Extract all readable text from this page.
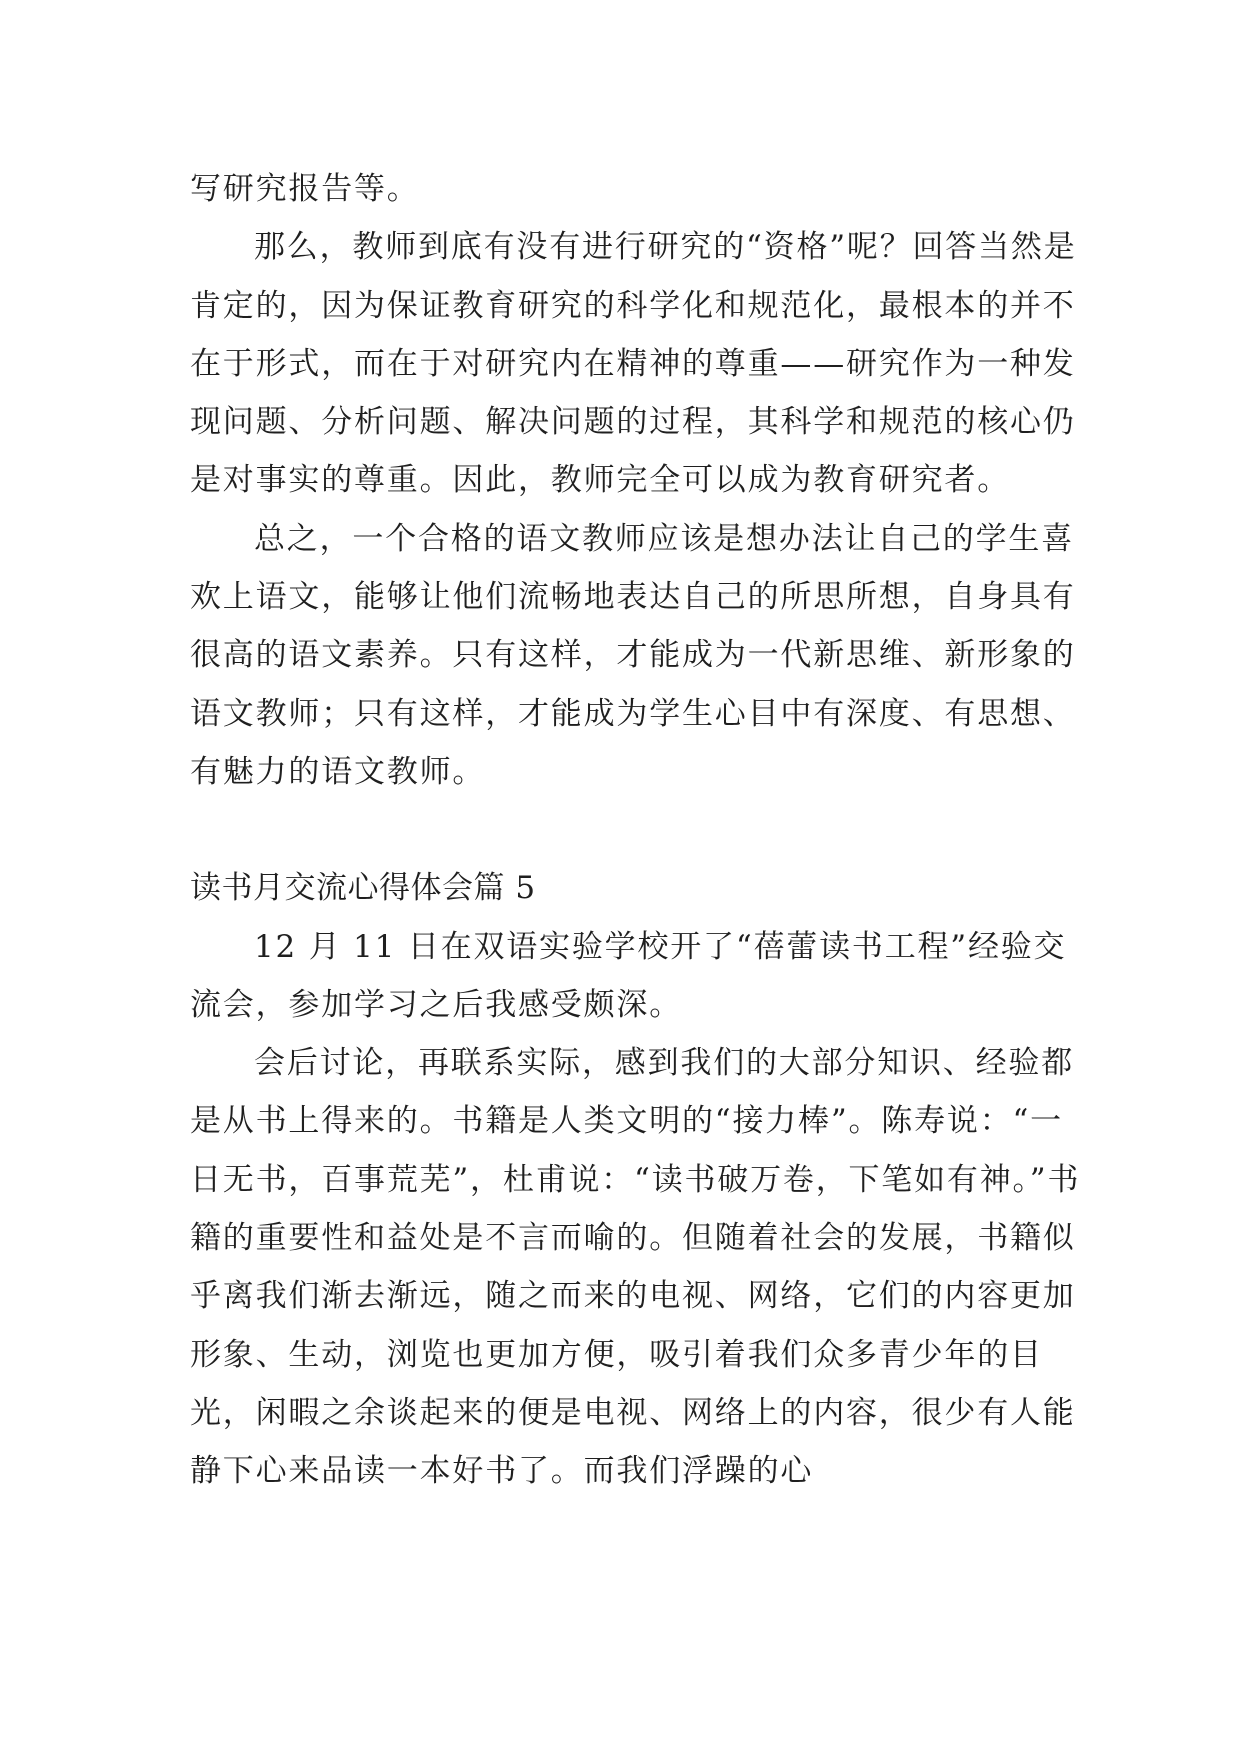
写研究报告等。

那么，教师到底有没有进行研究的“资格”呢？回答当然是肯定的，因为保证教育研究的科学化和规范化，最根本的并不在于形式，而在于对研究内在精神的尊重——研究作为一种发现问题、分析问题、解决问题的过程，其科学和规范的核心仍是对事实的尊重。因此，教师完全可以成为教育研究者。

总之，一个合格的语文教师应该是想办法让自己的学生喜欢上语文，能够让他们流畅地表达自己的所思所想，自身具有很高的语文素养。只有这样，才能成为一代新思维、新形象的语文教师；只有这样，才能成为学生心目中有深度、有思想、有魅力的语文教师。

读书月交流心得体会篇 5

12 月 11 日在双语实验学校开了“蓓蕾读书工程”经验交流会，参加学习之后我感受颇深。

会后讨论，再联系实际，感到我们的大部分知识、经验都是从书上得来的。书籍是人类文明的“接力棒”。陈寿说：“一日无书，百事荒芜”，杜甫说：“读书破万卷，下笔如有神。”书籍的重要性和益处是不言而喻的。但随着社会的发展，书籍似乎离我们渐去渐远，随之而来的电视、网络，它们的内容更加形象、生动，浏览也更加方便，吸引着我们众多青少年的目光，闲暇之余谈起来的便是电视、网络上的内容，很少有人能静下心来品读一本好书了。而我们浮躁的心
